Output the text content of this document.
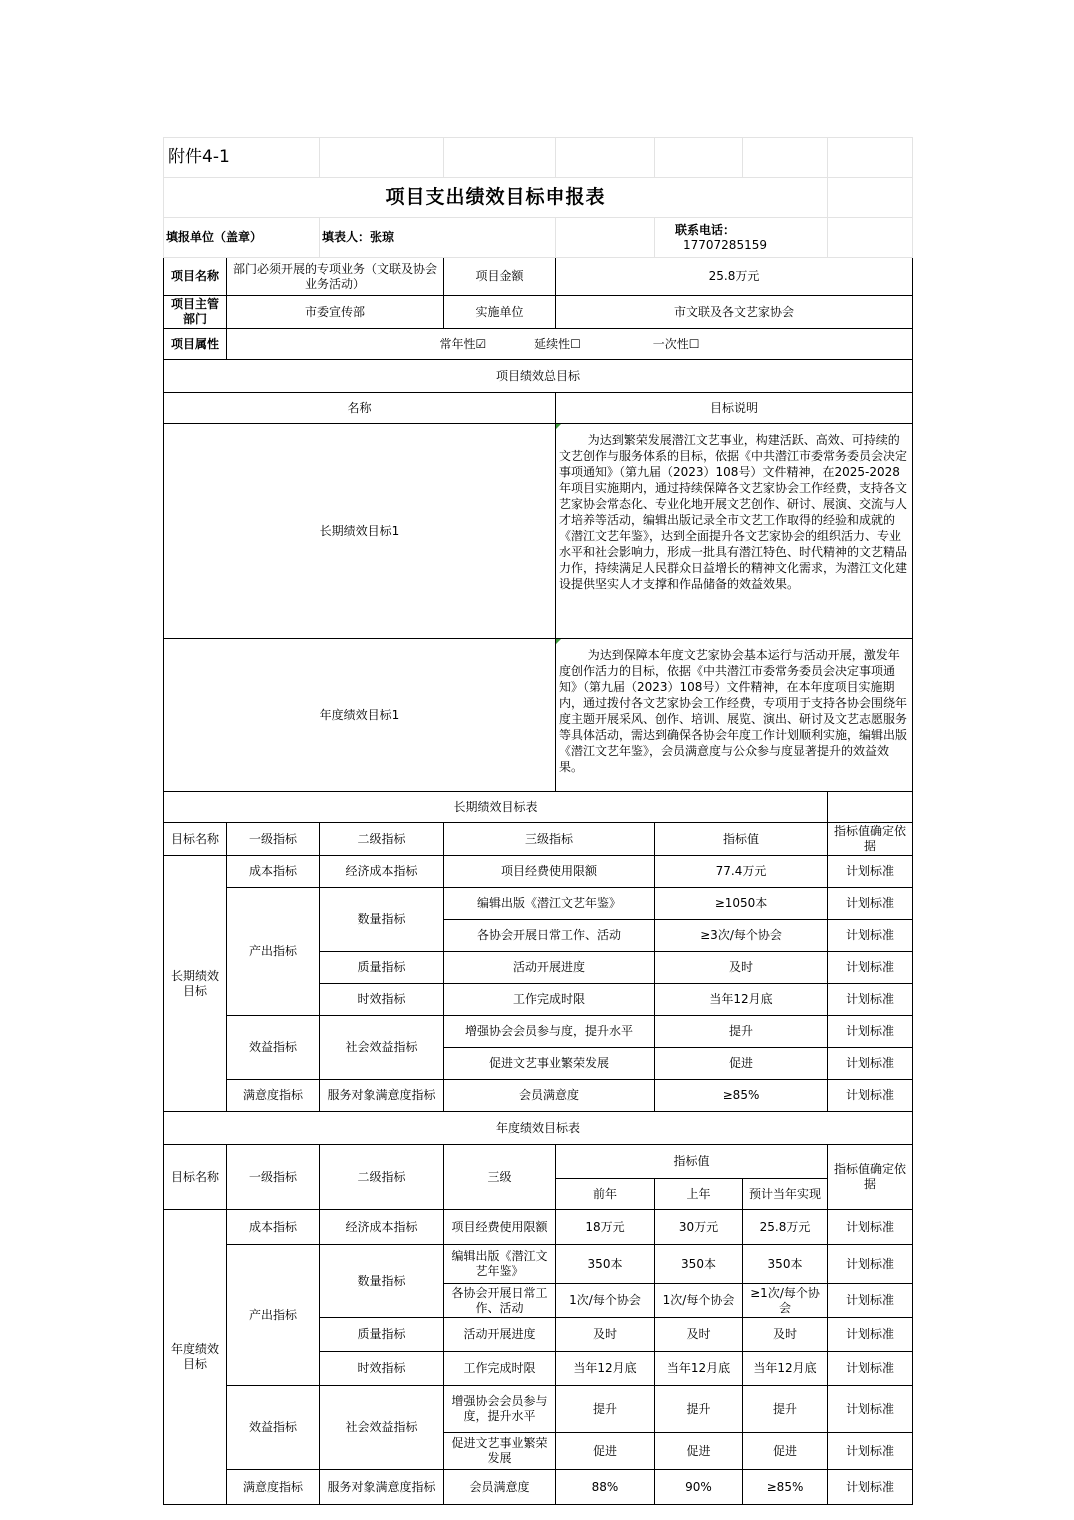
附件4-1							
项目支出绩效目标申报表							
填报单位（盖章）		填表人：张琼			联系电话：17707285159		
项目名称	部门必须开展的专项业务（文联及协会业务活动）		项目金额	25.8万元			
项目主管部门	市委宣传部		实施单位	市文联及各文艺家协会			
项目属性	常年性☑ 延续性☐ 一次性☐						
项目绩效总目标							
名称				目标说明			
长期绩效目标1				为达到繁荣发展潜江文艺事业，构建活跃、高效、可持续的文艺创作与服务体系的目标，依据《中共潜江市委常务委员会决定事项通知》（第九届（2023）108号）文件精神，在2025-2028年项目实施期内，通过持续保障各文艺家协会工作经费，支持各文艺家协会常态化、专业化地开展文艺创作、研讨、展演、交流与人才培养等活动，编辑出版记录全市文艺工作取得的经验和成就的《潜江文艺年鉴》，达到全面提升各文艺家协会的组织活力、专业水平和社会影响力，形成一批具有潜江特色、时代精神的文艺精品力作，持续满足人民群众日益增长的精神文化需求，为潜江文化建设提供坚实人才支撑和作品储备的效益效果。			

年度绩效目标1				为达到保障本年度文艺家协会基本运行与活动开展，激发年度创作活力的目标，依据《中共潜江市委常务委员会决定事项通知》（第九届（2023）108号）文件精神，在本年度项目实施期内，通过拨付各文艺家协会工作经费，专项用于支持各协会围绕年度主题开展采风、创作、培训、展览、演出、研讨及文艺志愿服务等具体活动，需达到确保各协会年度工作计划顺利实施，编辑出版《潜江文艺年鉴》，会员满意度与公众参与度显著提升的效益效果。			

长期绩效目标表							
目标名称	一级指标	二级指标	三级指标		指标值		指标值确定依据
长期绩效目标	成本指标	经济成本指标	项目经费使用限额		77.4万元		计划标准
	产出指标	数量指标	编辑出版《潜江文艺年鉴》		≥1050本		计划标准
			各协会开展日常工作、活动		≥3次/每个协会		计划标准
		质量指标	活动开展进度		及时		计划标准
		时效指标	工作完成时限		当年12月底		计划标准
	效益指标	社会效益指标	增强协会会员参与度，提升水平		提升		计划标准
			促进文艺事业繁荣发展		促进		计划标准
	满意度指标	服务对象满意度指标	会员满意度		≥85%		计划标准
年度绩效目标表							
目标名称	一级指标	二级指标	三级	指标值			指标值确定依据
				前年	上年	预计当年实现	
年度绩效目标	成本指标	经济成本指标	项目经费使用限额	18万元	30万元	25.8万元	计划标准
	产出指标	数量指标	编辑出版《潜江文艺年鉴》	350本	350本	350本	计划标准
			各协会开展日常工作、活动	1次/每个协会	1次/每个协会	≥1次/每个协会	计划标准
		质量指标	活动开展进度	及时	及时	及时	计划标准
		时效指标	工作完成时限	当年12月底	当年12月底	当年12月底	计划标准
	效益指标	社会效益指标	增强协会会员参与度，提升水平	提升	提升	提升	计划标准
			促进文艺事业繁荣发展	促进	促进	促进	计划标准
	满意度指标	服务对象满意度指标	会员满意度	88%	90%	≥85%	计划标准
